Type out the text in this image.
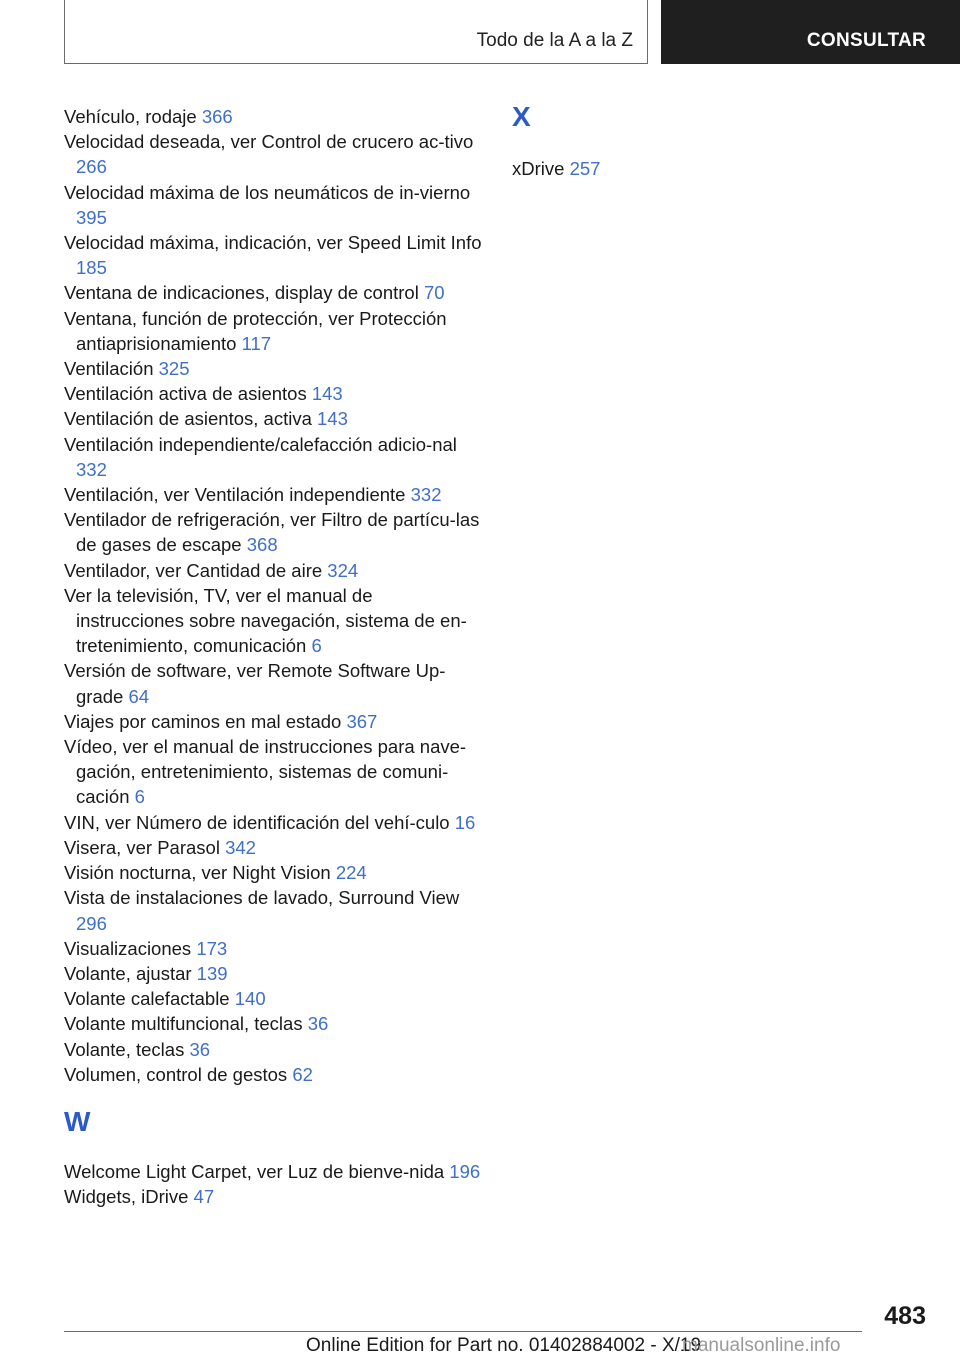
Todo de la A a la Z	CONSULTAR
Vehículo, rodaje 366
Velocidad deseada, ver Control de crucero ac-tivo 266
Velocidad máxima de los neumáticos de in-vierno 395
Velocidad máxima, indicación, ver Speed Limit Info 185
Ventana de indicaciones, display de control 70
Ventana, función de protección, ver Protección antiaprisionamiento 117
Ventilación 325
Ventilación activa de asientos 143
Ventilación de asientos, activa 143
Ventilación independiente/calefacción adicio-nal 332
Ventilación, ver Ventilación independiente 332
Ventilador de refrigeración, ver Filtro de partícu-las de gases de escape 368
Ventilador, ver Cantidad de aire 324
Ver la televisión, TV, ver el manual de instrucciones sobre navegación, sistema de en-tretenimiento, comunicación 6
Versión de software, ver Remote Software Up-grade 64
Viajes por caminos en mal estado 367
Vídeo, ver el manual de instrucciones para nave-gación, entretenimiento, sistemas de comuni-cación 6
VIN, ver Número de identificación del vehí-culo 16
Visera, ver Parasol 342
Visión nocturna, ver Night Vision 224
Vista de instalaciones de lavado, Surround View 296
Visualizaciones 173
Volante, ajustar 139
Volante calefactable 140
Volante multifuncional, teclas 36
Volante, teclas 36
Volumen, control de gestos 62
W
Welcome Light Carpet, ver Luz de bienve-nida 196
Widgets, iDrive 47
X
xDrive 257
483
Online Edition for Part no. 01402884002 - X/19
manualsonline.info
